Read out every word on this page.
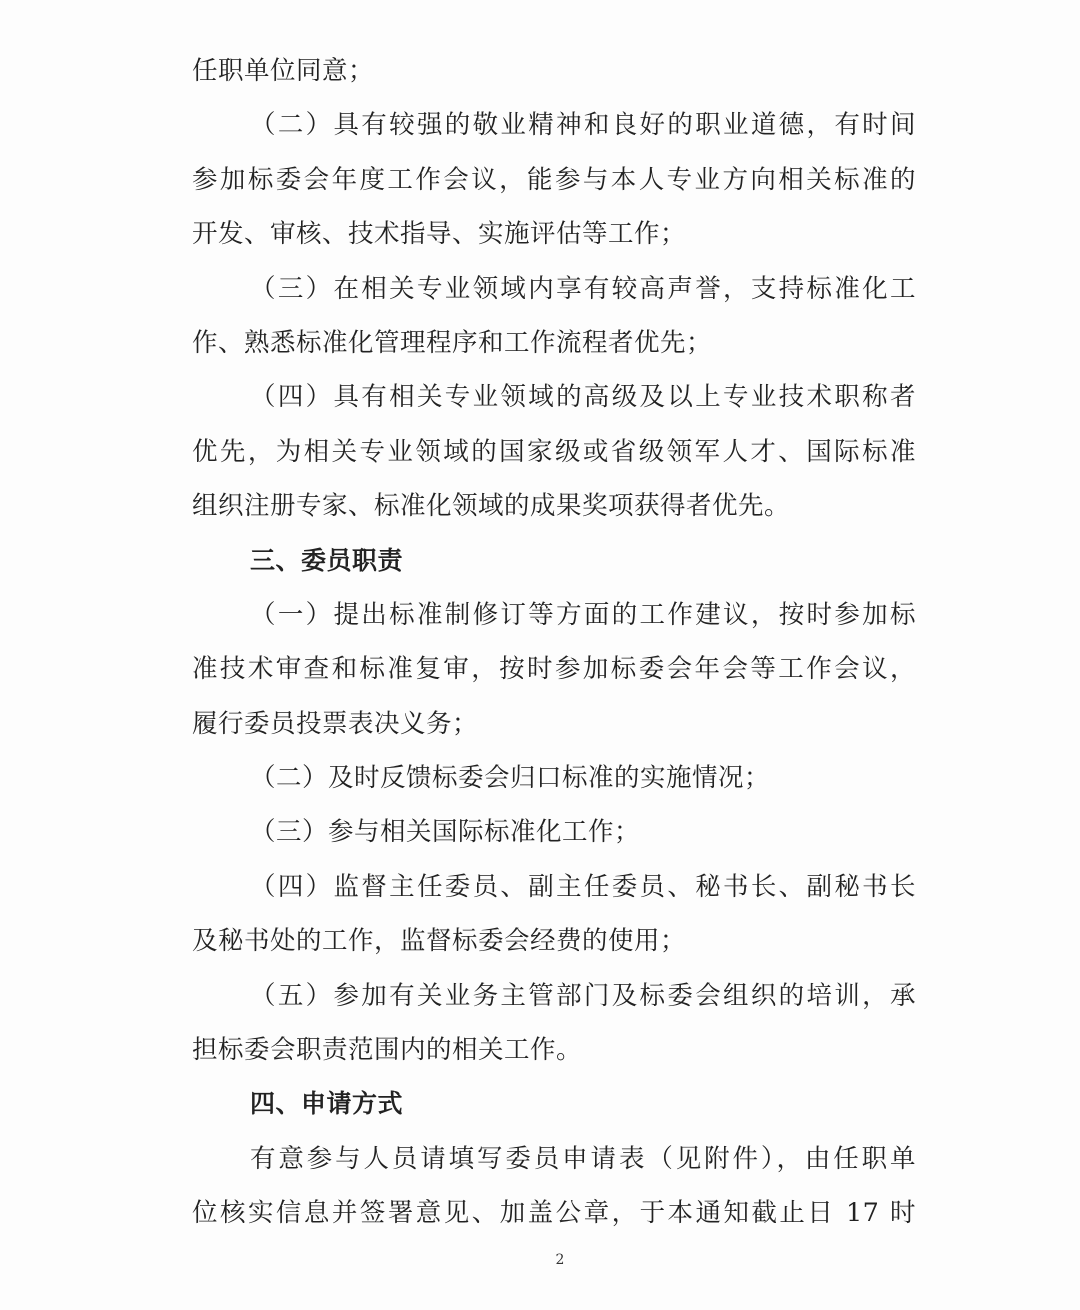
任职单位同意；
（二）具有较强的敬业精神和良好的职业道德，有时间
参加标委会年度工作会议，能参与本人专业方向相关标准的
开发、审核、技术指导、实施评估等工作；
（三）在相关专业领域内享有较高声誉，支持标准化工
作、熟悉标准化管理程序和工作流程者优先；
（四）具有相关专业领域的高级及以上专业技术职称者
优先，为相关专业领域的国家级或省级领军人才、国际标准
组织注册专家、标准化领域的成果奖项获得者优先。
三、委员职责
（一）提出标准制修订等方面的工作建议，按时参加标
准技术审查和标准复审，按时参加标委会年会等工作会议，
履行委员投票表决义务；
（二）及时反馈标委会归口标准的实施情况；
（三）参与相关国际标准化工作；
（四）监督主任委员、副主任委员、秘书长、副秘书长
及秘书处的工作，监督标委会经费的使用；
（五）参加有关业务主管部门及标委会组织的培训，承
担标委会职责范围内的相关工作。
四、申请方式
有意参与人员请填写委员申请表（见附件），由任职单
位核实信息并签署意见、加盖公章，于本通知截止日 17 时
2
